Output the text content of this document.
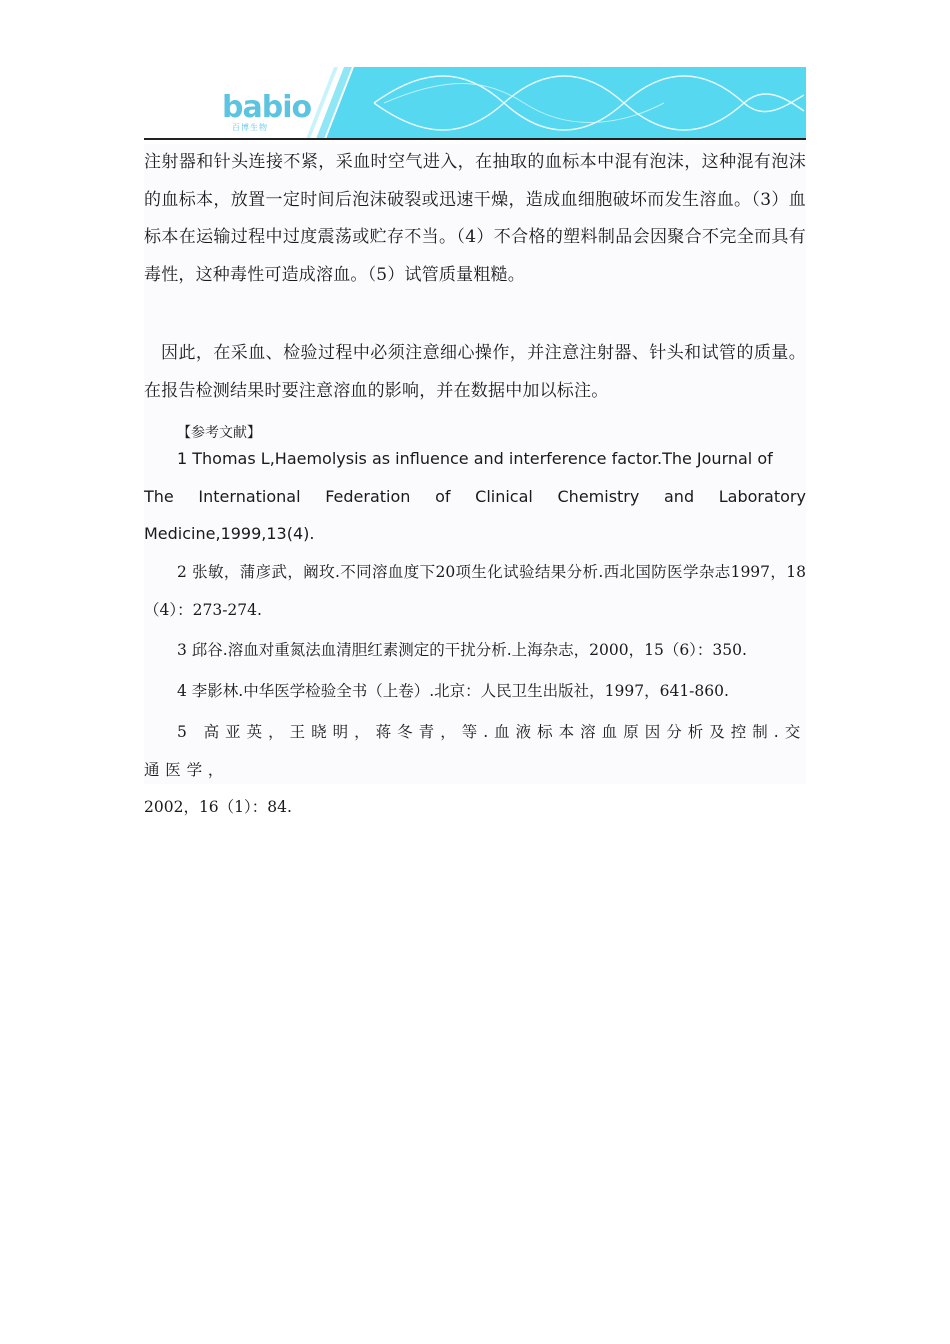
babio
百博生物
注射器和针头连接不紧，采血时空气进入，在抽取的血标本中混有泡沫，这种混有泡沫的血标本，放置一定时间后泡沫破裂或迅速干燥，造成血细胞破坏而发生溶血。（3）血标本在运输过程中过度震荡或贮存不当。（4）不合格的塑料制品会因聚合不完全而具有毒性，这种毒性可造成溶血。（5）试管质量粗糙。
因此，在采血、检验过程中必须注意细心操作，并注意注射器、针头和试管的质量。在报告检测结果时要注意溶血的影响，并在数据中加以标注。
【参考文献】
1 Thomas L,Haemolysis as influence and interference factor.The Journal of
The International Federation of Clinical Chemistry and Laboratory
Medicine,1999,13(4).
2 张敏，蒲彦武，阚玫.不同溶血度下20项生化试验结果分析.西北国防医学杂志1997，18（4）：273-274.
3 邱谷.溶血对重氮法血清胆红素测定的干扰分析.上海杂志，2000，15（6）：350.
4 李影林.中华医学检验全书（上卷）.北京：人民卫生出版社，1997，641-860.
5 高亚英，王晓明，蒋冬青，等.血液标本溶血原因分析及控制.交通医学，
2002，16（1）：84.
